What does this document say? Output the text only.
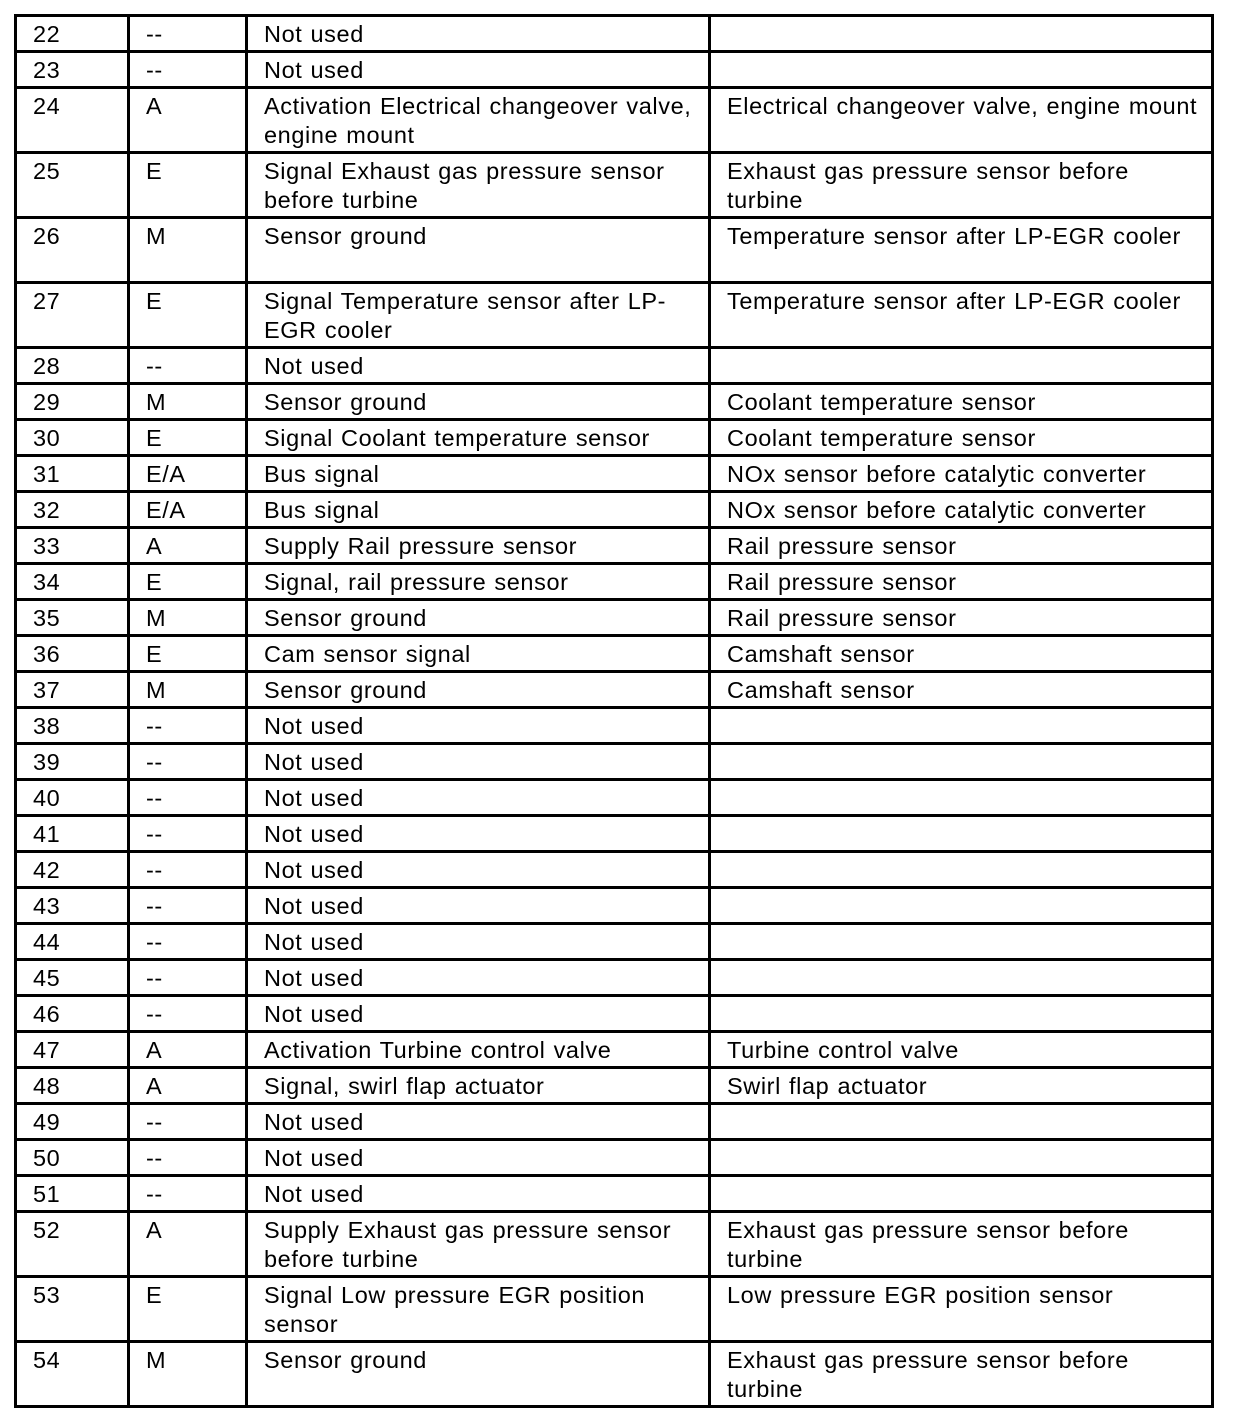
22	--	Not used	
23	--	Not used	
24	A	Activation Electrical changeover valve, engine mount	Electrical changeover valve, engine mount
25	E	Signal Exhaust gas pressure sensor before turbine	Exhaust gas pressure sensor before turbine
26	M	Sensor ground	Temperature sensor after LP-EGR cooler
27	E	Signal Temperature sensor after LP-EGR cooler	Temperature sensor after LP-EGR cooler
28	--	Not used	
29	M	Sensor ground	Coolant temperature sensor
30	E	Signal Coolant temperature sensor	Coolant temperature sensor
31	E/A	Bus signal	NOx sensor before catalytic converter
32	E/A	Bus signal	NOx sensor before catalytic converter
33	A	Supply Rail pressure sensor	Rail pressure sensor
34	E	Signal, rail pressure sensor	Rail pressure sensor
35	M	Sensor ground	Rail pressure sensor
36	E	Cam sensor signal	Camshaft sensor
37	M	Sensor ground	Camshaft sensor
38	--	Not used	
39	--	Not used	
40	--	Not used	
41	--	Not used	
42	--	Not used	
43	--	Not used	
44	--	Not used	
45	--	Not used	
46	--	Not used	
47	A	Activation Turbine control valve	Turbine control valve
48	A	Signal, swirl flap actuator	Swirl flap actuator
49	--	Not used	
50	--	Not used	
51	--	Not used	
52	A	Supply Exhaust gas pressure sensor before turbine	Exhaust gas pressure sensor before turbine
53	E	Signal Low pressure EGR position sensor	Low pressure EGR position sensor
54	M	Sensor ground	Exhaust gas pressure sensor before turbine
